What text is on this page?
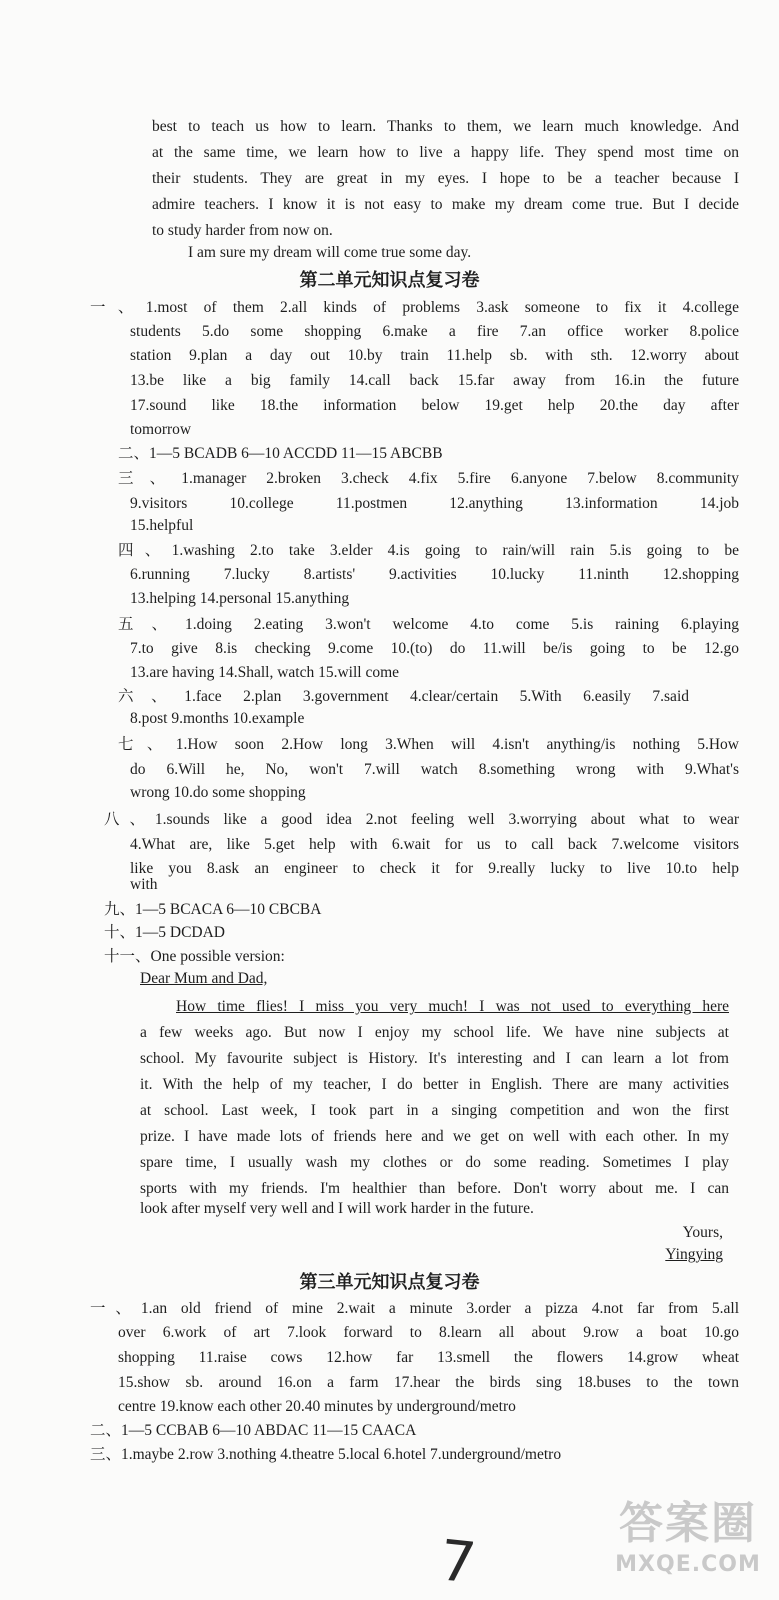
best to teach us how to learn. Thanks to them, we learn much knowledge. And
at the same time, we learn how to live a happy life. They spend most time on
their students. They are great in my eyes. I hope to be a teacher because I
admire teachers. I know it is not easy to make my dream come true. But I decide
to study harder from now on.
I am sure my dream will come true some day.
第二单元知识点复习卷
一、1.most of them 2.all kinds of problems 3.ask someone to fix it 4.college
students 5.do some shopping 6.make a fire 7.an office worker 8.police
station 9.plan a day out 10.by train 11.help sb. with sth. 12.worry about
13.be like a big family 14.call back 15.far away from 16.in the future
17.sound like 18.the information below 19.get help 20.the day after
tomorrow
二、1—5 BCADB 6—10 ACCDD 11—15 ABCBB
三、1.manager 2.broken 3.check 4.fix 5.fire 6.anyone 7.below 8.community
9.visitors 10.college 11.postmen 12.anything 13.information 14.job
15.helpful
四、1.washing 2.to take 3.elder 4.is going to rain/will rain 5.is going to be
6.running 7.lucky 8.artists' 9.activities 10.lucky 11.ninth 12.shopping
13.helping 14.personal 15.anything
五、1.doing 2.eating 3.won't welcome 4.to come 5.is raining 6.playing
7.to give 8.is checking 9.come 10.(to) do 11.will be/is going to be 12.go
13.are having 14.Shall, watch 15.will come
六、1.face 2.plan 3.government 4.clear/certain 5.With 6.easily 7.said
8.post 9.months 10.example
七、1.How soon 2.How long 3.When will 4.isn't anything/is nothing 5.How
do 6.Will he, No, won't 7.will watch 8.something wrong with 9.What's
wrong 10.do some shopping
八、1.sounds like a good idea 2.not feeling well 3.worrying about what to wear
4.What are, like 5.get help with 6.wait for us to call back 7.welcome visitors
like you 8.ask an engineer to check it for 9.really lucky to live 10.to help
with
九、1—5 BCACA 6—10 CBCBA
十、1—5 DCDAD
十一、One possible version:
Dear Mum and Dad,
How time flies! I miss you very much! I was not used to everything here
a few weeks ago. But now I enjoy my school life. We have nine subjects at
school. My favourite subject is History. It's interesting and I can learn a lot from
it. With the help of my teacher, I do better in English. There are many activities
at school. Last week, I took part in a singing competition and won the first
prize. I have made lots of friends here and we get on well with each other. In my
spare time, I usually wash my clothes or do some reading. Sometimes I play
sports with my friends. I'm healthier than before. Don't worry about me. I can
look after myself very well and I will work harder in the future.
Yours,
Yingying
第三单元知识点复习卷
一、1.an old friend of mine 2.wait a minute 3.order a pizza 4.not far from 5.all
over 6.work of art 7.look forward to 8.learn all about 9.row a boat 10.go
shopping 11.raise cows 12.how far 13.smell the flowers 14.grow wheat
15.show sb. around 16.on a farm 17.hear the birds sing 18.buses to the town
centre 19.know each other 20.40 minutes by underground/metro
二、1—5 CCBAB 6—10 ABDAC 11—15 CAACA
三、1.maybe 2.row 3.nothing 4.theatre 5.local 6.hotel 7.underground/metro
7
答案圈
MXQE.COM
